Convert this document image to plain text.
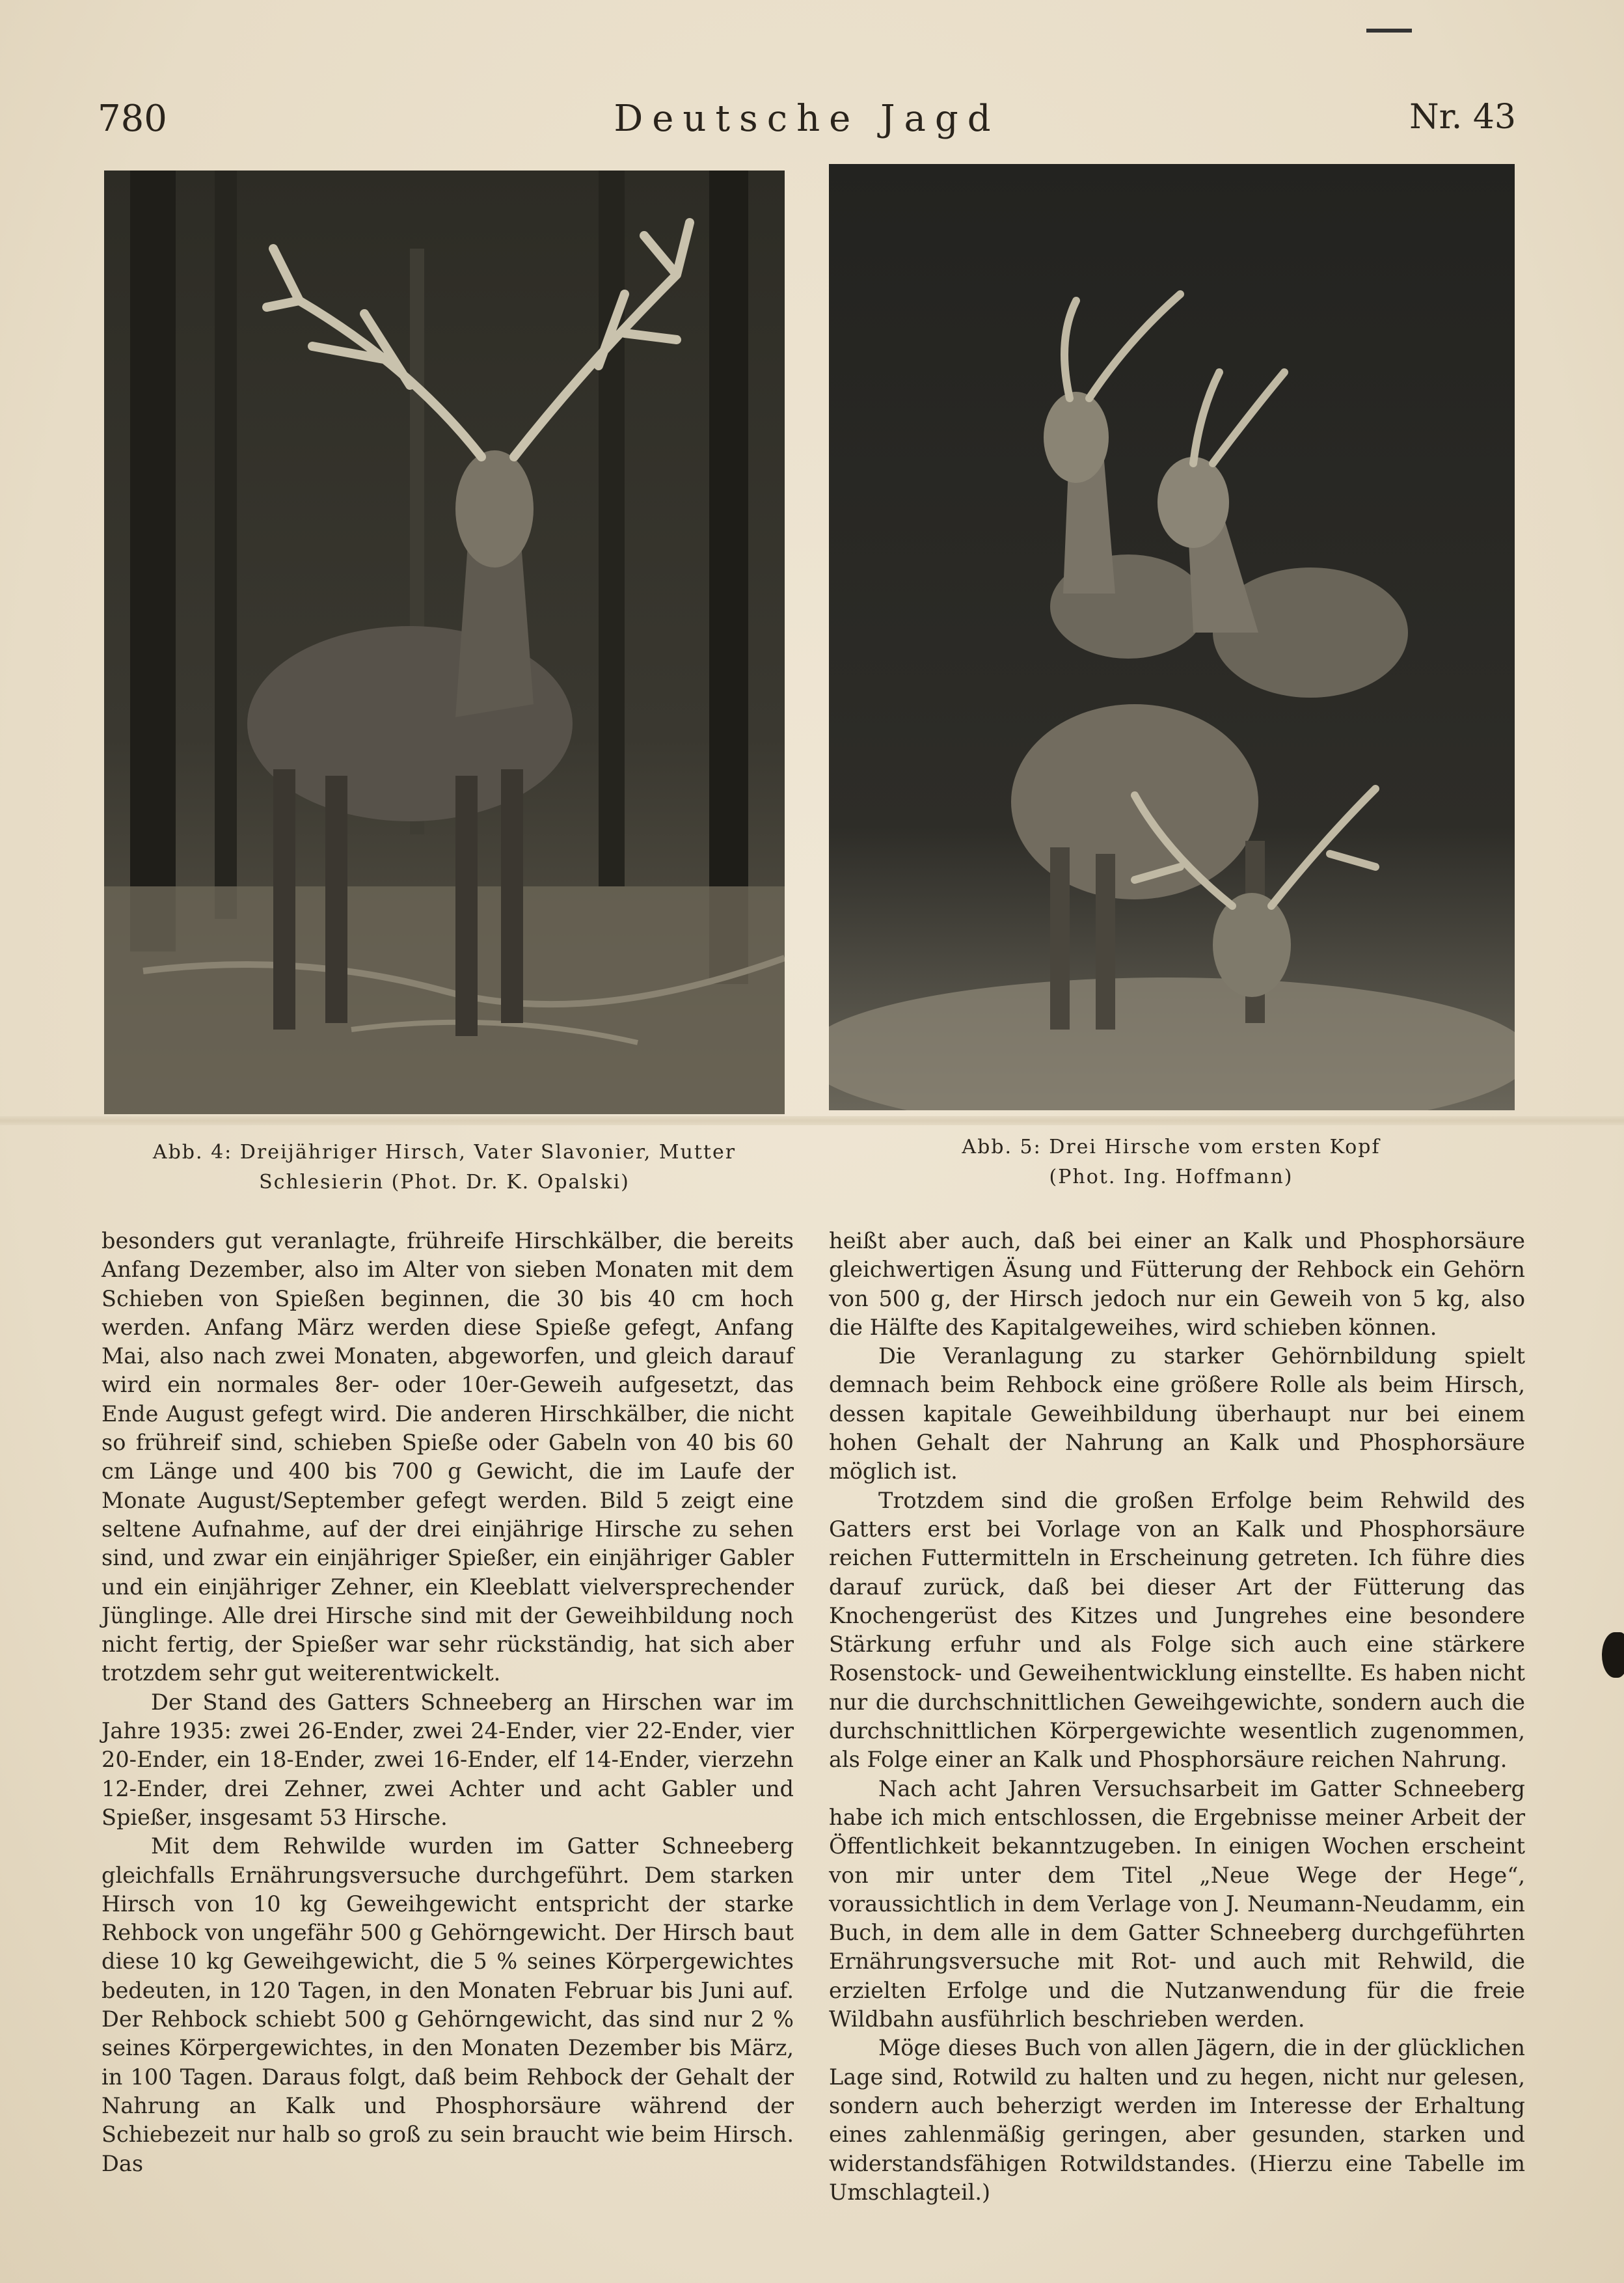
780	Deutsche Jagd	Nr. 43
Abb. 4: Dreijähriger Hirsch, Vater Slavonier, Mutter
Schlesierin (Phot. Dr. K. Opalski)
Abb. 5: Drei Hirsche vom ersten Kopf
(Phot. Ing. Hoffmann)

besonders gut veranlagte, frühreife Hirschkälber, die bereits Anfang Dezember, also im Alter von sieben Monaten mit dem Schieben von Spießen beginnen, die 30 bis 40 cm hoch werden. Anfang März werden diese Spieße gefegt, Anfang Mai, also nach zwei Monaten, abgeworfen, und gleich darauf wird ein normales 8er- oder 10er-Geweih aufgesetzt, das Ende August gefegt wird. Die anderen Hirschkälber, die nicht so frühreif sind, schieben Spieße oder Gabeln von 40 bis 60 cm Länge und 400 bis 700 g Gewicht, die im Laufe der Monate August/September gefegt werden. Bild 5 zeigt eine seltene Aufnahme, auf der drei einjährige Hirsche zu sehen sind, und zwar ein einjähriger Spießer, ein einjähriger Gabler und ein einjähriger Zehner, ein Kleeblatt vielversprechender Jünglinge. Alle drei Hirsche sind mit der Geweihbildung noch nicht fertig, der Spießer war sehr rückständig, hat sich aber trotzdem sehr gut weiterentwickelt.

Der Stand des Gatters Schneeberg an Hirschen war im Jahre 1935: zwei 26-Ender, zwei 24-Ender, vier 22-Ender, vier 20-Ender, ein 18-Ender, zwei 16-Ender, elf 14-Ender, vierzehn 12-Ender, drei Zehner, zwei Achter und acht Gabler und Spießer, insgesamt 53 Hirsche.

Mit dem Rehwilde wurden im Gatter Schneeberg gleichfalls Ernährungsversuche durchgeführt. Dem starken Hirsch von 10 kg Geweihgewicht entspricht der starke Rehbock von ungefähr 500 g Gehörngewicht. Der Hirsch baut diese 10 kg Geweihgewicht, die 5 % seines Körpergewichtes bedeuten, in 120 Tagen, in den Monaten Februar bis Juni auf. Der Rehbock schiebt 500 g Gehörngewicht, das sind nur 2 % seines Körpergewichtes, in den Monaten Dezember bis März, in 100 Tagen. Daraus folgt, daß beim Rehbock der Gehalt der Nahrung an Kalk und Phosphorsäure während der Schiebezeit nur halb so groß zu sein braucht wie beim Hirsch. Das

heißt aber auch, daß bei einer an Kalk und Phosphorsäure gleichwertigen Äsung und Fütterung der Rehbock ein Gehörn von 500 g, der Hirsch jedoch nur ein Geweih von 5 kg, also die Hälfte des Kapitalgeweihes, wird schieben können.

Die Veranlagung zu starker Gehörnbildung spielt demnach beim Rehbock eine größere Rolle als beim Hirsch, dessen kapitale Geweihbildung überhaupt nur bei einem hohen Gehalt der Nahrung an Kalk und Phosphorsäure möglich ist.

Trotzdem sind die großen Erfolge beim Rehwild des Gatters erst bei Vorlage von an Kalk und Phosphorsäure reichen Futtermitteln in Erscheinung getreten. Ich führe dies darauf zurück, daß bei dieser Art der Fütterung das Knochengerüst des Kitzes und Jungrehes eine besondere Stärkung erfuhr und als Folge sich auch eine stärkere Rosenstock- und Geweihentwicklung einstellte. Es haben nicht nur die durchschnittlichen Geweihgewichte, sondern auch die durchschnittlichen Körpergewichte wesentlich zugenommen, als Folge einer an Kalk und Phosphorsäure reichen Nahrung.

Nach acht Jahren Versuchsarbeit im Gatter Schneeberg habe ich mich entschlossen, die Ergebnisse meiner Arbeit der Öffentlichkeit bekanntzugeben. In einigen Wochen erscheint von mir unter dem Titel „Neue Wege der Hege“, voraussichtlich in dem Verlage von J. Neumann-Neudamm, ein Buch, in dem alle in dem Gatter Schneeberg durchgeführten Ernährungsversuche mit Rot- und auch mit Rehwild, die erzielten Erfolge und die Nutzanwendung für die freie Wildbahn ausführlich beschrieben werden.

Möge dieses Buch von allen Jägern, die in der glücklichen Lage sind, Rotwild zu halten und zu hegen, nicht nur gelesen, sondern auch beherzigt werden im Interesse der Erhaltung eines zahlenmäßig geringen, aber gesunden, starken und widerstandsfähigen Rotwildstandes. (Hierzu eine Tabelle im Umschlagteil.)
